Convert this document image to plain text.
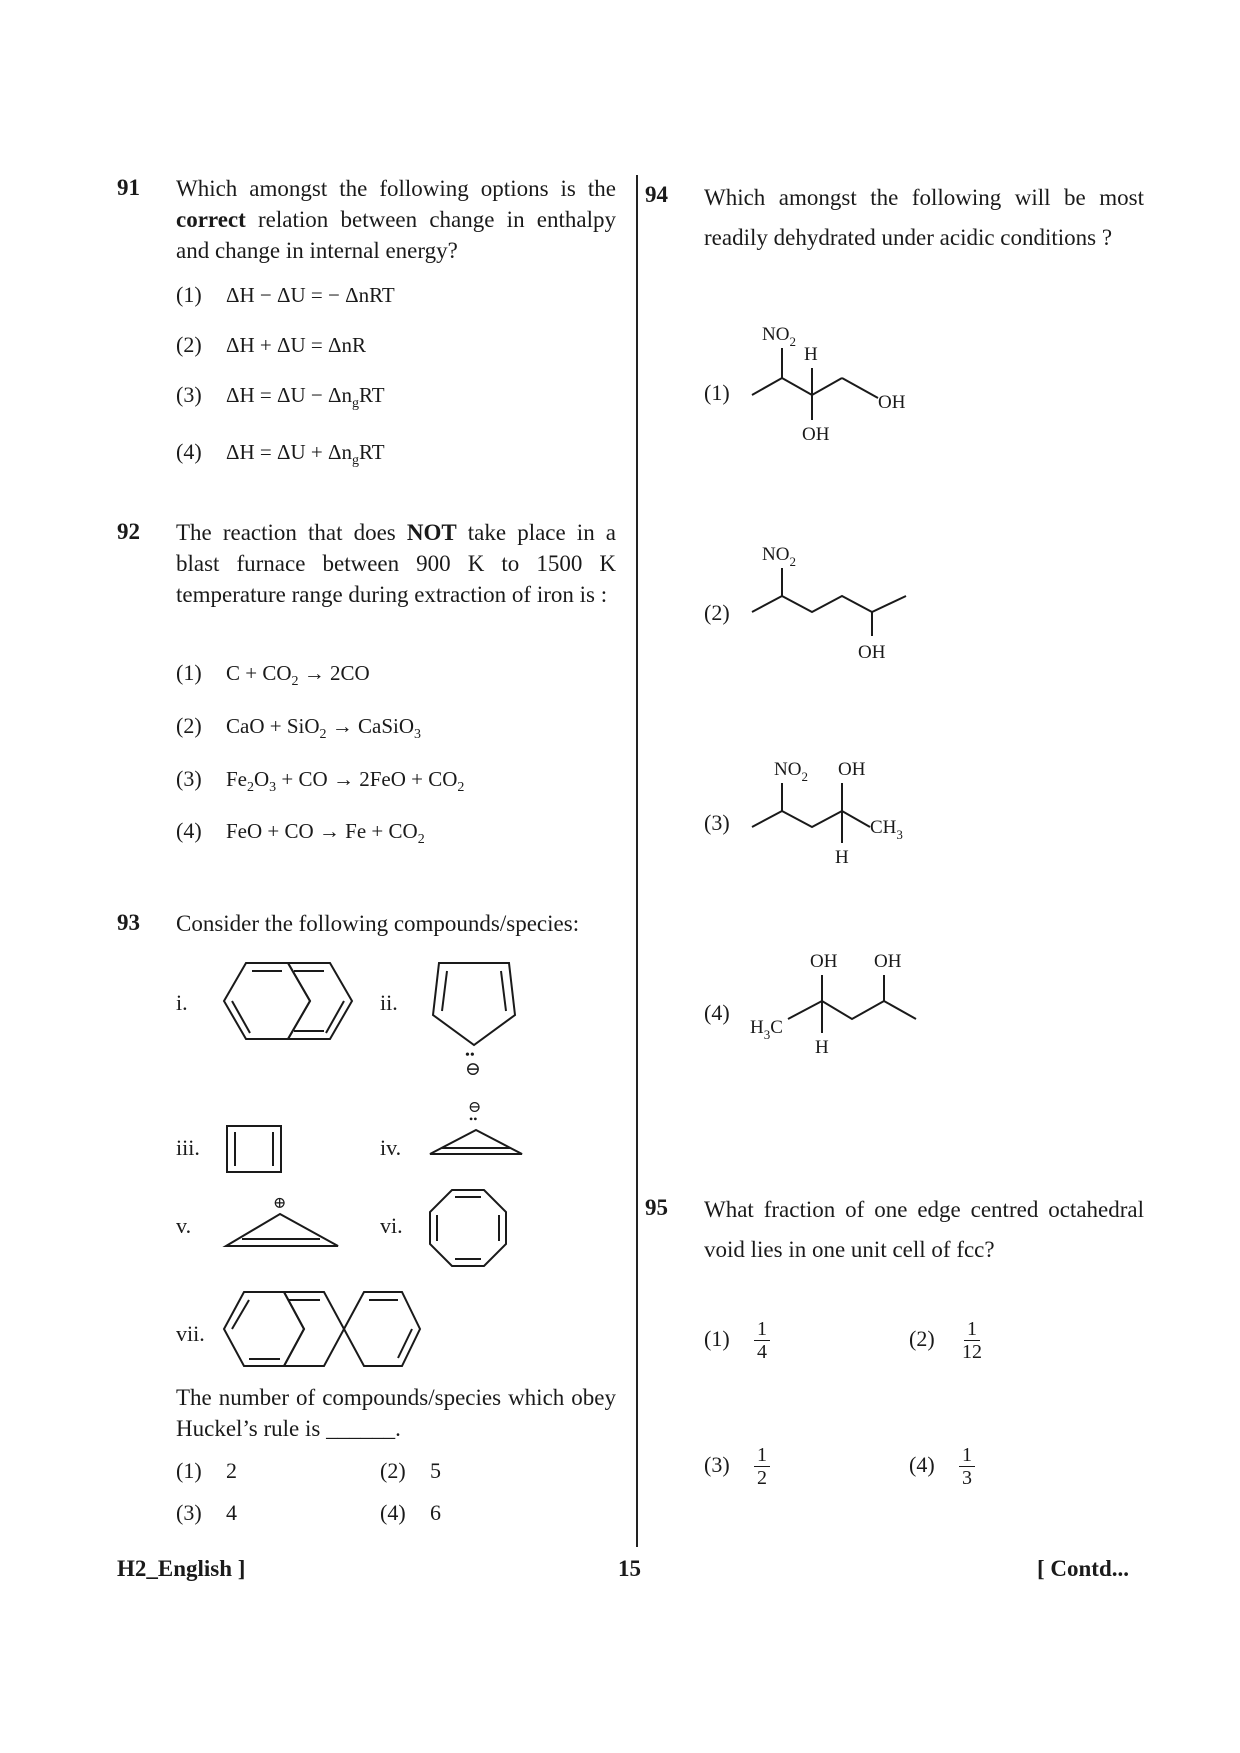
91 Which amongst the following options is the correct relation between change in enthalpy and change in internal energy?
(1) ΔH − ΔU = − ΔnRT
(2) ΔH + ΔU = ΔnR
(3) $\Delta H = \Delta U - \Delta n_gRT$
(4) $\Delta H = \Delta U + \Delta n_gRT$
92 The reaction that does NOT take place in a blast furnace between 900 K to 1500 K temperature range during extraction of iron is :
(1) $C + CO_2 \to 2CO$
(2) CaO + SiO$_2$ → CaSiO$_3$
(3) $Fe_2O_3$ + CO → $2FeO + CO_2$
(4) FeO + CO → $Fe + CO_2$
93 Consider the following compounds/species:
i.	ii.
••
⊖
iii.	iv.
⊖
••
v.
⊕
vi.
vii.
The number of compounds/species which obey Huckel’s rule is ______.
(1) 2	(2) 5
(3) 4	(4) 6
94 Which amongst the following will be most readily dehydrated under acidic conditions ?
(1)
$NO_2$
H
OH
OH
(2)
$NO_2$
OH
(3)
$NO_2$ OH
$CH_3$
H
(4)
OH OH
$H_3C$
H
95 What fraction of one edge centred octahedral void lies in one unit cell of fcc?
$(1) \frac{1}{4}$	$(2) \frac{1}{12}$
$(3) \frac{1}{2}$	$(4) \frac{1}{3}$
H2_English ]	15	[ Contd...
